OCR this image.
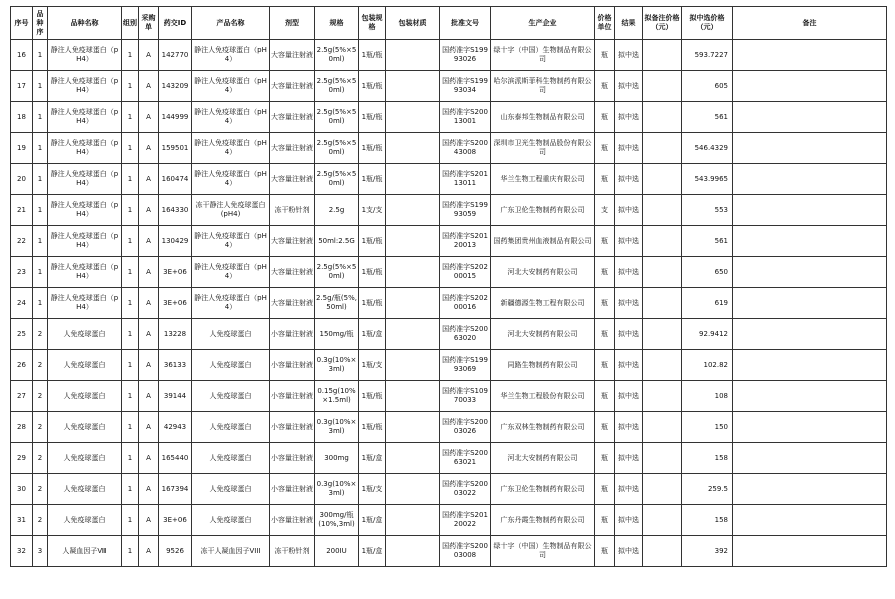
序号	品种序	品种名称	组别	采购单	药交ID	产品名称	剂型	规格	包装规格	包装材质	批准文号	生产企业	价格单位	结果	拟备注价格（元）	拟中选价格（元）	备注
16	1	静注人免疫球蛋白（pH4）	1	A	142770	静注人免疫球蛋白（pH4）	大容量注射液	2.5g(5%×50ml)	1瓶/瓶		国药准字S19993026	绿十字（中国）生物制品有限公司	瓶	拟中选		593.7227	
17	1	静注人免疫球蛋白（pH4）	1	A	143209	静注人免疫球蛋白（pH4）	大容量注射液	2.5g(5%×50ml)	1瓶/瓶		国药准字S19993034	哈尔滨派斯菲科生物制药有限公司	瓶	拟中选		605	
18	1	静注人免疫球蛋白（pH4）	1	A	144999	静注人免疫球蛋白（pH4）	大容量注射液	2.5g(5%×50ml)	1瓶/瓶		国药准字S20013001	山东泰邦生物制品有限公司	瓶	拟中选		561	
19	1	静注人免疫球蛋白（pH4）	1	A	159501	静注人免疫球蛋白（pH4）	大容量注射液	2.5g(5%×50ml)	1瓶/瓶		国药准字S20043008	深圳市卫光生物制品股份有限公司	瓶	拟中选		546.4329	
20	1	静注人免疫球蛋白（pH4）	1	A	160474	静注人免疫球蛋白（pH4）	大容量注射液	2.5g(5%×50ml)	1瓶/瓶		国药准字S20113011	华兰生物工程重庆有限公司	瓶	拟中选		543.9965	
21	1	静注人免疫球蛋白（pH4）	1	A	164330	冻干静注人免疫球蛋白(pH4)	冻干粉针剂	2.5g	1支/支		国药准字S19993059	广东卫伦生物制药有限公司	支	拟中选		553	
22	1	静注人免疫球蛋白（pH4）	1	A	130429	静注人免疫球蛋白（pH4）	大容量注射液	50ml:2.5G	1瓶/瓶		国药准字S20120013	国药集团贵州血液制品有限公司	瓶	拟中选		561	
23	1	静注人免疫球蛋白（pH4）	1	A	3E+06	静注人免疫球蛋白（pH4）	大容量注射液	2.5g(5%×50ml)	1瓶/瓶		国药准字S20200015	河北大安制药有限公司	瓶	拟中选		650	
24	1	静注人免疫球蛋白（pH4）	1	A	3E+06	静注人免疫球蛋白（pH4）	大容量注射液	2.5g/瓶(5%,50ml)	1瓶/瓶		国药准字S20200016	新疆德源生物工程有限公司	瓶	拟中选		619	
25	2	人免疫球蛋白	1	A	13228	人免疫球蛋白	小容量注射液	150mg/瓶	1瓶/盒		国药准字S20063020	河北大安制药有限公司	瓶	拟中选		92.9412	
26	2	人免疫球蛋白	1	A	36133	人免疫球蛋白	小容量注射液	0.3g(10%×3ml)	1瓶/支		国药准字S19993069	同路生物制药有限公司	瓶	拟中选		102.82	
27	2	人免疫球蛋白	1	A	39144	人免疫球蛋白	小容量注射液	0.15g(10%×1.5ml)	1瓶/瓶		国药准字S10970033	华兰生物工程股份有限公司	瓶	拟中选		108	
28	2	人免疫球蛋白	1	A	42943	人免疫球蛋白	小容量注射液	0.3g(10%×3ml)	1瓶/瓶		国药准字S20003026	广东双林生物制药有限公司	瓶	拟中选		150	
29	2	人免疫球蛋白	1	A	165440	人免疫球蛋白	小容量注射液	300mg	1瓶/盒		国药准字S20063021	河北大安制药有限公司	瓶	拟中选		158	
30	2	人免疫球蛋白	1	A	167394	人免疫球蛋白	小容量注射液	0.3g(10%×3ml)	1瓶/支		国药准字S20003022	广东卫伦生物制药有限公司	瓶	拟中选		259.5	
31	2	人免疫球蛋白	1	A	3E+06	人免疫球蛋白	小容量注射液	300mg/瓶(10%,3ml)	1瓶/盒		国药准字S20120022	广东丹霞生物制药有限公司	瓶	拟中选		158	
32	3	人凝血因子Ⅷ	1	A	9526	冻干人凝血因子VIII	冻干粉针剂	200IU	1瓶/盒		国药准字S20003008	绿十字（中国）生物制品有限公司	瓶	拟中选		392	
